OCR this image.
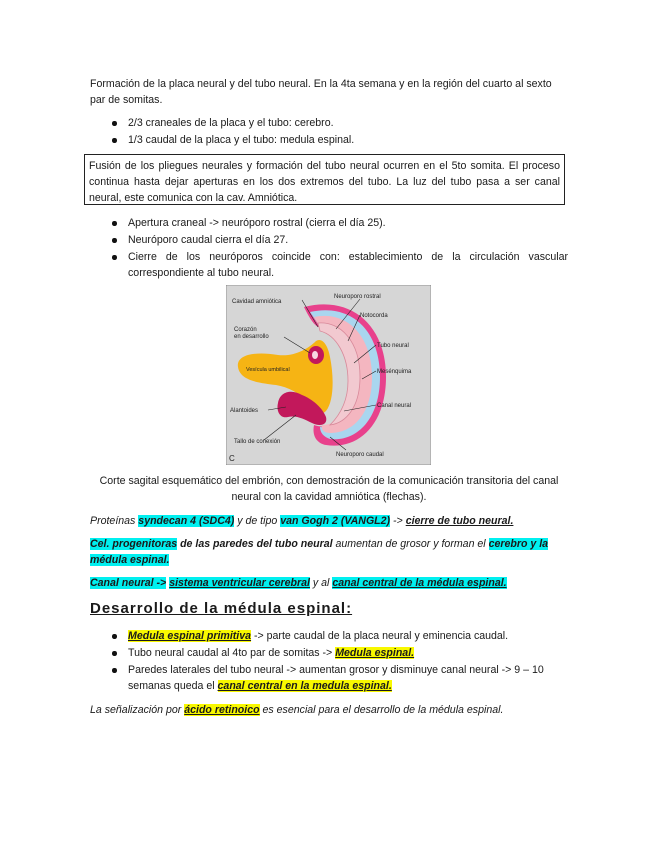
Formación de la placa neural y del tubo neural. En la 4ta semana y en la región del cuarto al sexto par de somitas.
2/3 craneales de la placa y el tubo: cerebro.
1/3 caudal de la placa y el tubo: medula espinal.
Fusión de los pliegues neurales y formación del tubo neural ocurren en el 5to somita. El proceso continua hasta dejar aperturas en los dos extremos del tubo. La luz del tubo pasa a ser canal neural, este comunica con la cav. Amniótica.
Apertura craneal -> neuróporo rostral (cierra el día 25).
Neuróporo caudal cierra el día 27.
Cierre de los neuróporos coincide con: establecimiento de la circulación vascular correspondiente al tubo neural.
Cavidad amniótica
Neuroporo rostral
Notocorda
Corazón
en desarrollo
Tubo neural
Vesícula umbilical	Mesénquima
Canal neural
Alantoides
Tallo de conexión
Neuroporo caudal
C
Corte sagital esquemático del embrión, con demostración de la comunicación transitoria del canal neural con la cavidad amniótica (flechas).
Proteínas syndecan 4 (SDC4) y de tipo van Gogh 2 (VANGL2) -> cierre de tubo neural.
Cel. progenitoras de las paredes del tubo neural aumentan de grosor y forman el cerebro y la médula espinal.
Canal neural -> sistema ventricular cerebral y al canal central de la médula espinal.
Desarrollo de la médula espinal:
Medula espinal primitiva -> parte caudal de la placa neural y eminencia caudal.
Tubo neural caudal al 4to par de somitas -> Medula espinal.
Paredes laterales del tubo neural -> aumentan grosor y disminuye canal neural -> 9 – 10 semanas queda el canal central en la medula espinal.
La señalización por ácido retinoico es esencial para el desarrollo de la médula espinal.
